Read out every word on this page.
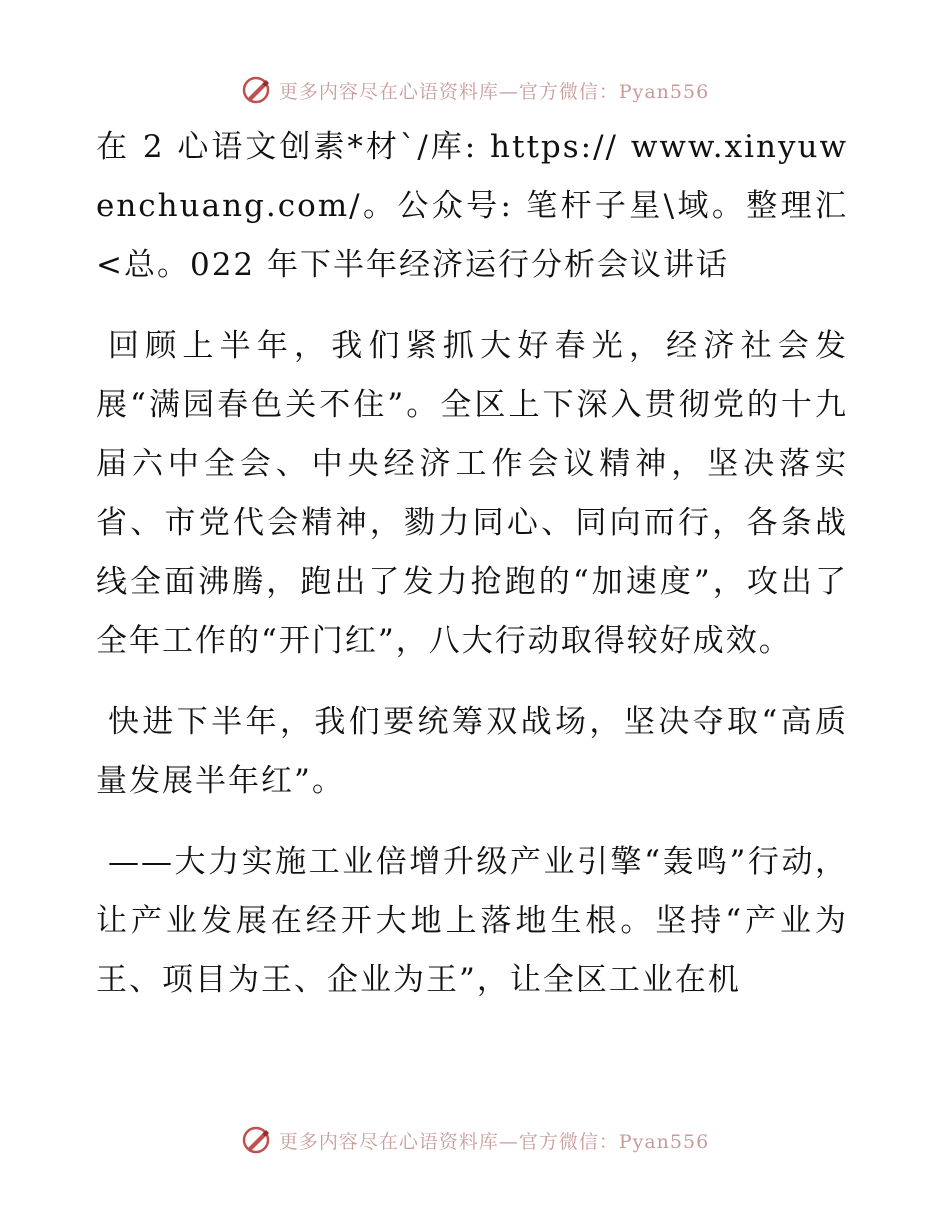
更多内容尽在心语资料库—官方微信：Pyan556

在 2 心语文创素*材`/库: https:// www.xinyuwenchuang.com/。公众号: 笔杆子星\域。整理汇<总。022 年下半年经济运行分析会议讲话

回顾上半年，我们紧抓大好春光，经济社会发展“满园春色关不住”。全区上下深入贯彻党的十九届六中全会、中央经济工作会议精神，坚决落实省、市党代会精神，勠力同心、同向而行，各条战线全面沸腾，跑出了发力抢跑的“加速度”，攻出了全年工作的“开门红”，八大行动取得较好成效。

快进下半年，我们要统筹双战场，坚决夺取“高质量发展半年红”。

——大力实施工业倍增升级产业引擎“轰鸣”行动，让产业发展在经开大地上落地生根。坚持“产业为王、项目为王、企业为王”，让全区工业在机

更多内容尽在心语资料库—官方微信：Pyan556
